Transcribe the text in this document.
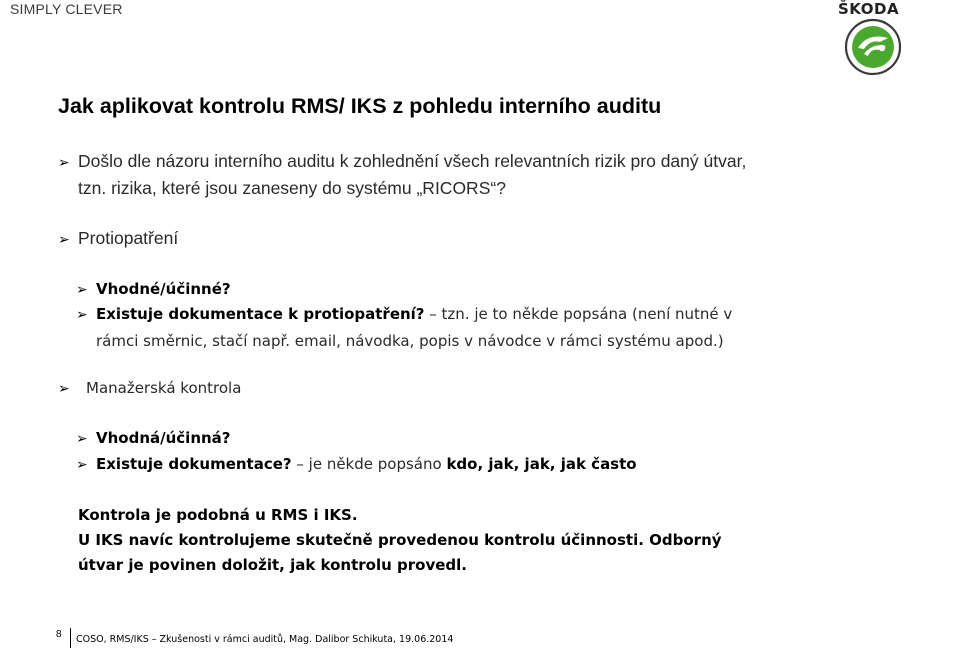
SIMPLY CLEVER	ŠKODA
Jak aplikovat kontrolu RMS/ IKS z pohledu interního auditu
➢ Došlo dle názoru interního auditu k zohlednění všech relevantních rizik pro daný útvar,
tzn. rizika, které jsou zaneseny do systému „RICORS“?
➢ Protiopatření
➢ Vhodné/účinné?
➢ Existuje dokumentace k protiopatření? – tzn. je to někde popsána (není nutné v
rámci směrnic, stačí např. email, návodka, popis v návodce v rámci systému apod.)
➢ Manažerská kontrola
➢ Vhodná/účinná?
➢ Existuje dokumentace? – je někde popsáno kdo, jak, jak, jak často
Kontrola je podobná u RMS i IKS.
U IKS navíc kontrolujeme skutečně provedenou kontrolu účinnosti. Odborný
útvar je povinen doložit, jak kontrolu provedl.
8 COSO, RMS/IKS – Zkušenosti v rámci auditů, Mag. Dalibor Schikuta, 19.06.2014
